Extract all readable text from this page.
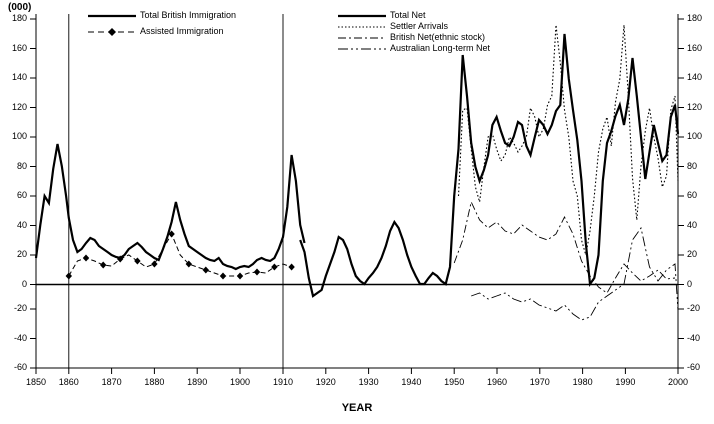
(000)
Total British Immigration
Assisted Immigration
Total Net
Settler Arrivals
British Net(ethnic stock)
Australian Long-term Net
-60
-40
-20
0
20
40
60
80
100
120
140
160
180
-60
-40
-20
0
20
40
60
80
100
120
140
160
180
1850	1860	1870	1880	1890	1900	1910	1920	1930	1940	1950	1960	1970	1980	1990	2000
YEAR
